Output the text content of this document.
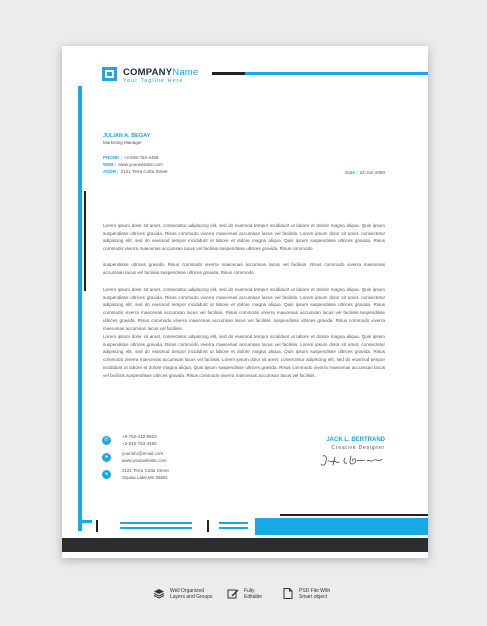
COMPANYName
Your Tagline Here
JULIAN A. BEGAY
Marketing Manager
PHONE : +2-545-753-4456
WEB : www.yourwebsite.com
ADDR : 2121 Terra Cotta Street	Date : 22-Jun-2050

Lorem ipsum dolor sit amet, consectetur adipiscing elit, sed do eiusmod tempor incididunt ut labore et dolore magna aliqua. Quis ipsum suspendisse ultrices gravida. Risus commodo viverra maecenas accumsan lacus vel facilisis. Lorem ipsum dolor sit amet, consectetur adipiscing elit, sed do eiusmod tempor incididunt ut labore et dolore magna aliqua. Quis ipsum suspendisse ultrices gravida. Risus commodo viverra maecenas accumsan lacus vel facilisis.suspendisse ultrices gravida. Risus commodo

suspendisse ultrices gravida. Risus commodo viverra maecenas accumsan lacus vel facilisis. Risus commodo viverra maecenas accumsan lacus vel facilisis.suspendisse ultrices gravida. Risus commodo

Lorem ipsum dolor sit amet, consectetur adipiscing elit, sed do eiusmod tempor incididunt ut labore et dolore magna aliqua. Quis ipsum suspendisse ultrices gravida. Risus commodo viverra maecenas accumsan lacus vel facilisis. Lorem ipsum dolor sit amet, consectetur adipiscing elit, sed do eiusmod tempor incididunt ut labore et dolore magna aliqua. Quis ipsum suspendisse ultrices gravida. Risus commodo viverra maecenas accumsan lacus vel facilisis. Risus commodo viverra maecenas accumsan lacus vel facilisis.suspendisse ultrices gravida. Risus commodo viverra maecenas accumsan lacus vel facilisis. suspendisse ultrices gravida. Risus commodo viverra maecenas accumsan lacus vel facilisis.

Lorem ipsum dolor sit amet, consectetur adipiscing elit, sed do eiusmod tempor incididunt ut labore et dolore magna aliqua. Quis ipsum suspendisse ultrices gravida. Risus commodo viverra maecenas accumsan lacus vel facilisis. Lorem ipsum dolor sit amet, consectetur adipiscing elit, sed do eiusmod tempor incididunt ut labore et dolore magna aliqua. Quis ipsum suspendisse ultrices gravida. Risus commodo viverra maecenas accumsan lacus vel facilisis. Lorem ipsum dolor sit amet, consectetur adipiscing elit, sed do eiusmod tempor incididunt ut labore et dolore magna aliqua. Quis ipsum suspendisse ultrices gravida. Risus commodo viverra maecenas accumsan lacus vel facilisis.suspendisse ultrices gravida. Risus commodo viverra maecenas accumsan lacus vel facilisis.

✆
+8-752-412-9623
+2-545-753-4456
●
yourinfo@email.com
www.yourwebsite.com
●
2121 Terra Cotta Street
Squaw Lake,Mn 56681
JACK L. BERTRAND
Creative Designer
Well Organized
Layers and Groups
Fully
Editable
PSD File With
Smart object
